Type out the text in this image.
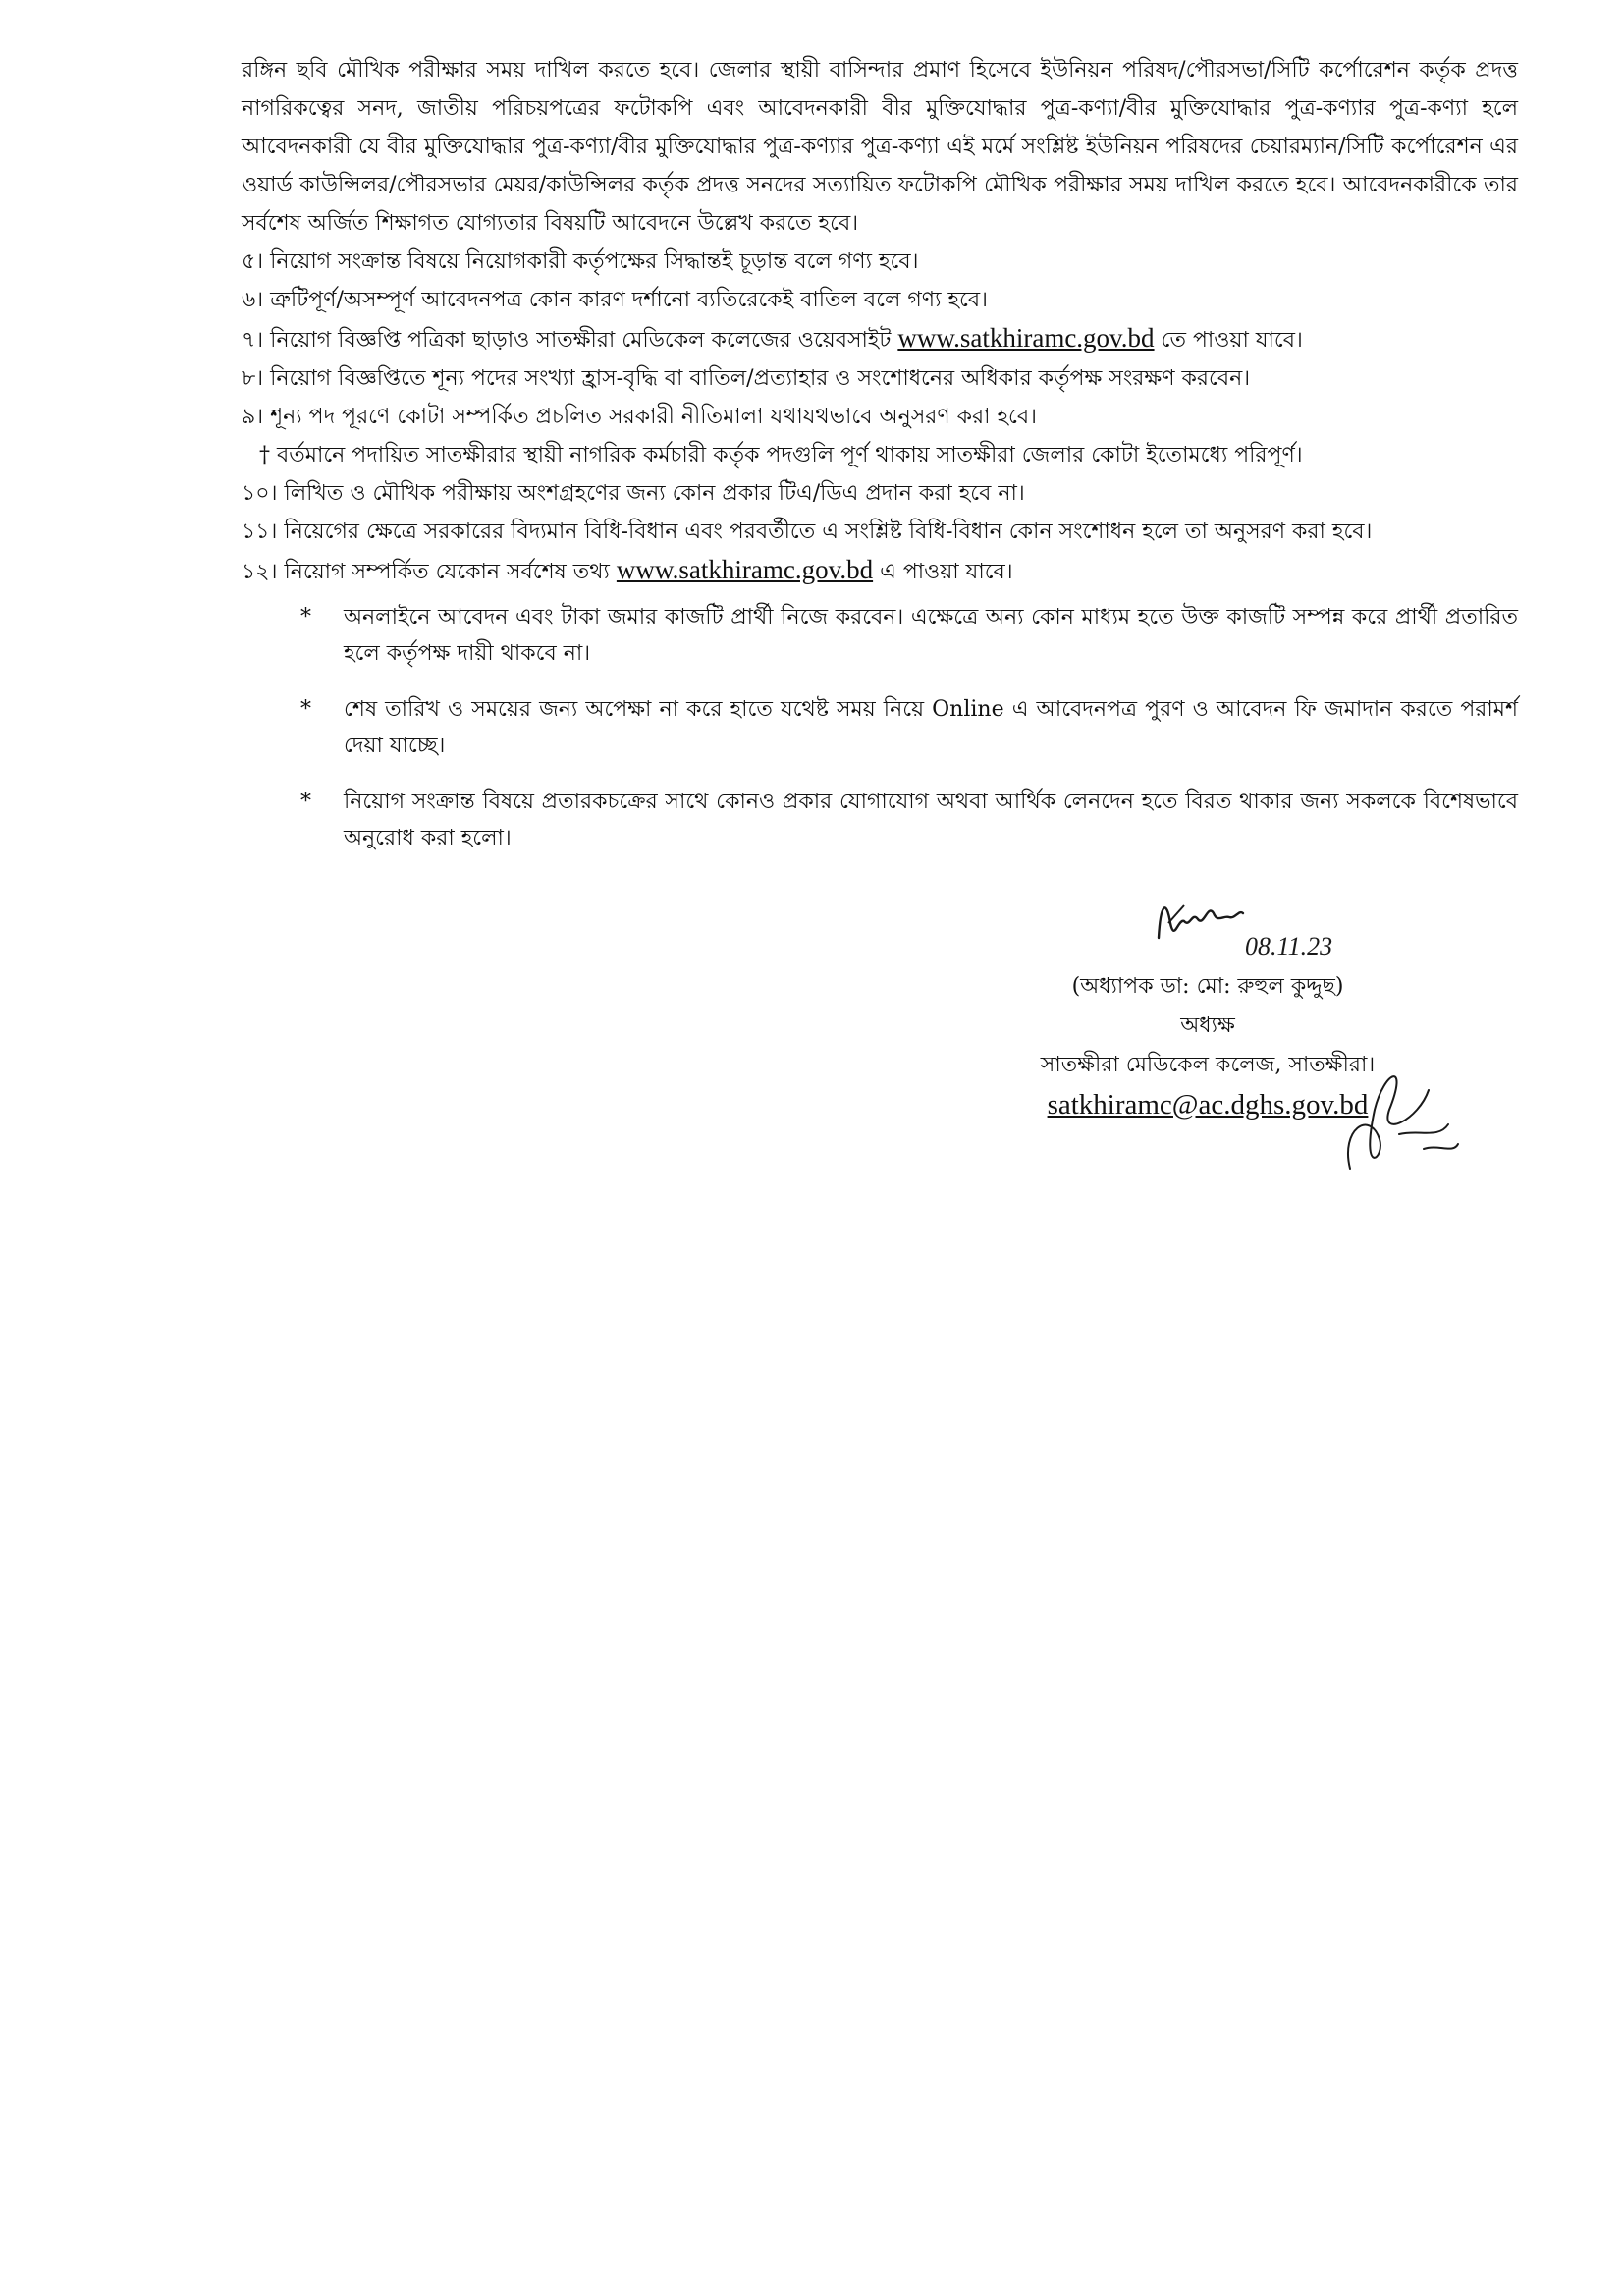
রঙ্গিন ছবি মৌখিক পরীক্ষার সময় দাখিল করতে হবে। জেলার স্থায়ী বাসিন্দার প্রমাণ হিসেবে ইউনিয়ন পরিষদ/পৌরসভা/সিটি কর্পোরেশন কর্তৃক প্রদত্ত নাগরিকত্বের সনদ, জাতীয় পরিচয়পত্রের ফটোকপি এবং আবেদনকারী বীর মুক্তিযোদ্ধার পুত্র-কণ্যা/বীর মুক্তিযোদ্ধার পুত্র-কণ্যার পুত্র-কণ্যা হলে আবেদনকারী যে বীর মুক্তিযোদ্ধার পুত্র-কণ্যা/বীর মুক্তিযোদ্ধার পুত্র-কণ্যার পুত্র-কণ্যা এই মর্মে সংশ্লিষ্ট ইউনিয়ন পরিষদের চেয়ারম্যান/সিটি কর্পোরেশন এর ওয়ার্ড কাউন্সিলর/পৌরসভার মেয়র/কাউন্সিলর কর্তৃক প্রদত্ত সনদের সত্যায়িত ফটোকপি মৌখিক পরীক্ষার সময় দাখিল করতে হবে। আবেদনকারীকে তার সর্বশেষ অর্জিত শিক্ষাগত যোগ্যতার বিষয়টি আবেদনে উল্লেখ করতে হবে।

৫। নিয়োগ সংক্রান্ত বিষয়ে নিয়োগকারী কর্তৃপক্ষের সিদ্ধান্তই চূড়ান্ত বলে গণ্য হবে।

৬। ত্রুটিপূর্ণ/অসম্পূর্ণ আবেদনপত্র কোন কারণ দর্শানো ব্যতিরেকেই বাতিল বলে গণ্য হবে।

৭। নিয়োগ বিজ্ঞপ্তি পত্রিকা ছাড়াও সাতক্ষীরা মেডিকেল কলেজের ওয়েবসাইট www.satkhiramc.gov.bd তে পাওয়া যাবে।

৮। নিয়োগ বিজ্ঞপ্তিতে শূন্য পদের সংখ্যা হ্রাস-বৃদ্ধি বা বাতিল/প্রত্যাহার ও সংশোধনের অধিকার কর্তৃপক্ষ সংরক্ষণ করবেন।

৯। শূন্য পদ পূরণে কোটা সম্পর্কিত প্রচলিত সরকারী নীতিমালা যথাযথভাবে অনুসরণ করা হবে।

† বর্তমানে পদায়িত সাতক্ষীরার স্থায়ী নাগরিক কর্মচারী কর্তৃক পদগুলি পূর্ণ থাকায় সাতক্ষীরা জেলার কোটা ইতোমধ্যে পরিপূর্ণ।

১০। লিখিত ও মৌখিক পরীক্ষায় অংশগ্রহণের জন্য কোন প্রকার টিএ/ডিএ প্রদান করা হবে না।

১১। নিয়েগের ক্ষেত্রে সরকারের বিদ্যমান বিধি-বিধান এবং পরবর্তীতে এ সংশ্লিষ্ট বিধি-বিধান কোন সংশোধন হলে তা অনুসরণ করা হবে।

১২। নিয়োগ সম্পর্কিত যেকোন সর্বশেষ তথ্য www.satkhiramc.gov.bd এ পাওয়া যাবে।

* অনলাইনে আবেদন এবং টাকা জমার কাজটি প্রার্থী নিজে করবেন। এক্ষেত্রে অন্য কোন মাধ্যম হতে উক্ত কাজটি সম্পন্ন করে প্রার্থী প্রতারিত হলে কর্তৃপক্ষ দায়ী থাকবে না।

* শেষ তারিখ ও সময়ের জন্য অপেক্ষা না করে হাতে যথেষ্ট সময় নিয়ে Online এ আবেদনপত্র পুরণ ও আবেদন ফি জমাদান করতে পরামর্শ দেয়া যাচ্ছে।

* নিয়োগ সংক্রান্ত বিষয়ে প্রতারকচক্রের সাথে কোনও প্রকার যোগাযোগ অথবা আর্থিক লেনদেন হতে বিরত থাকার জন্য সকলকে বিশেষভাবে অনুরোধ করা হলো।

08.11.23
(অধ্যাপক ডা: মো: রুহুল কুদ্দুছ)
অধ্যক্ষ
সাতক্ষীরা মেডিকেল কলেজ, সাতক্ষীরা।
satkhiramc@ac.dghs.gov.bd
